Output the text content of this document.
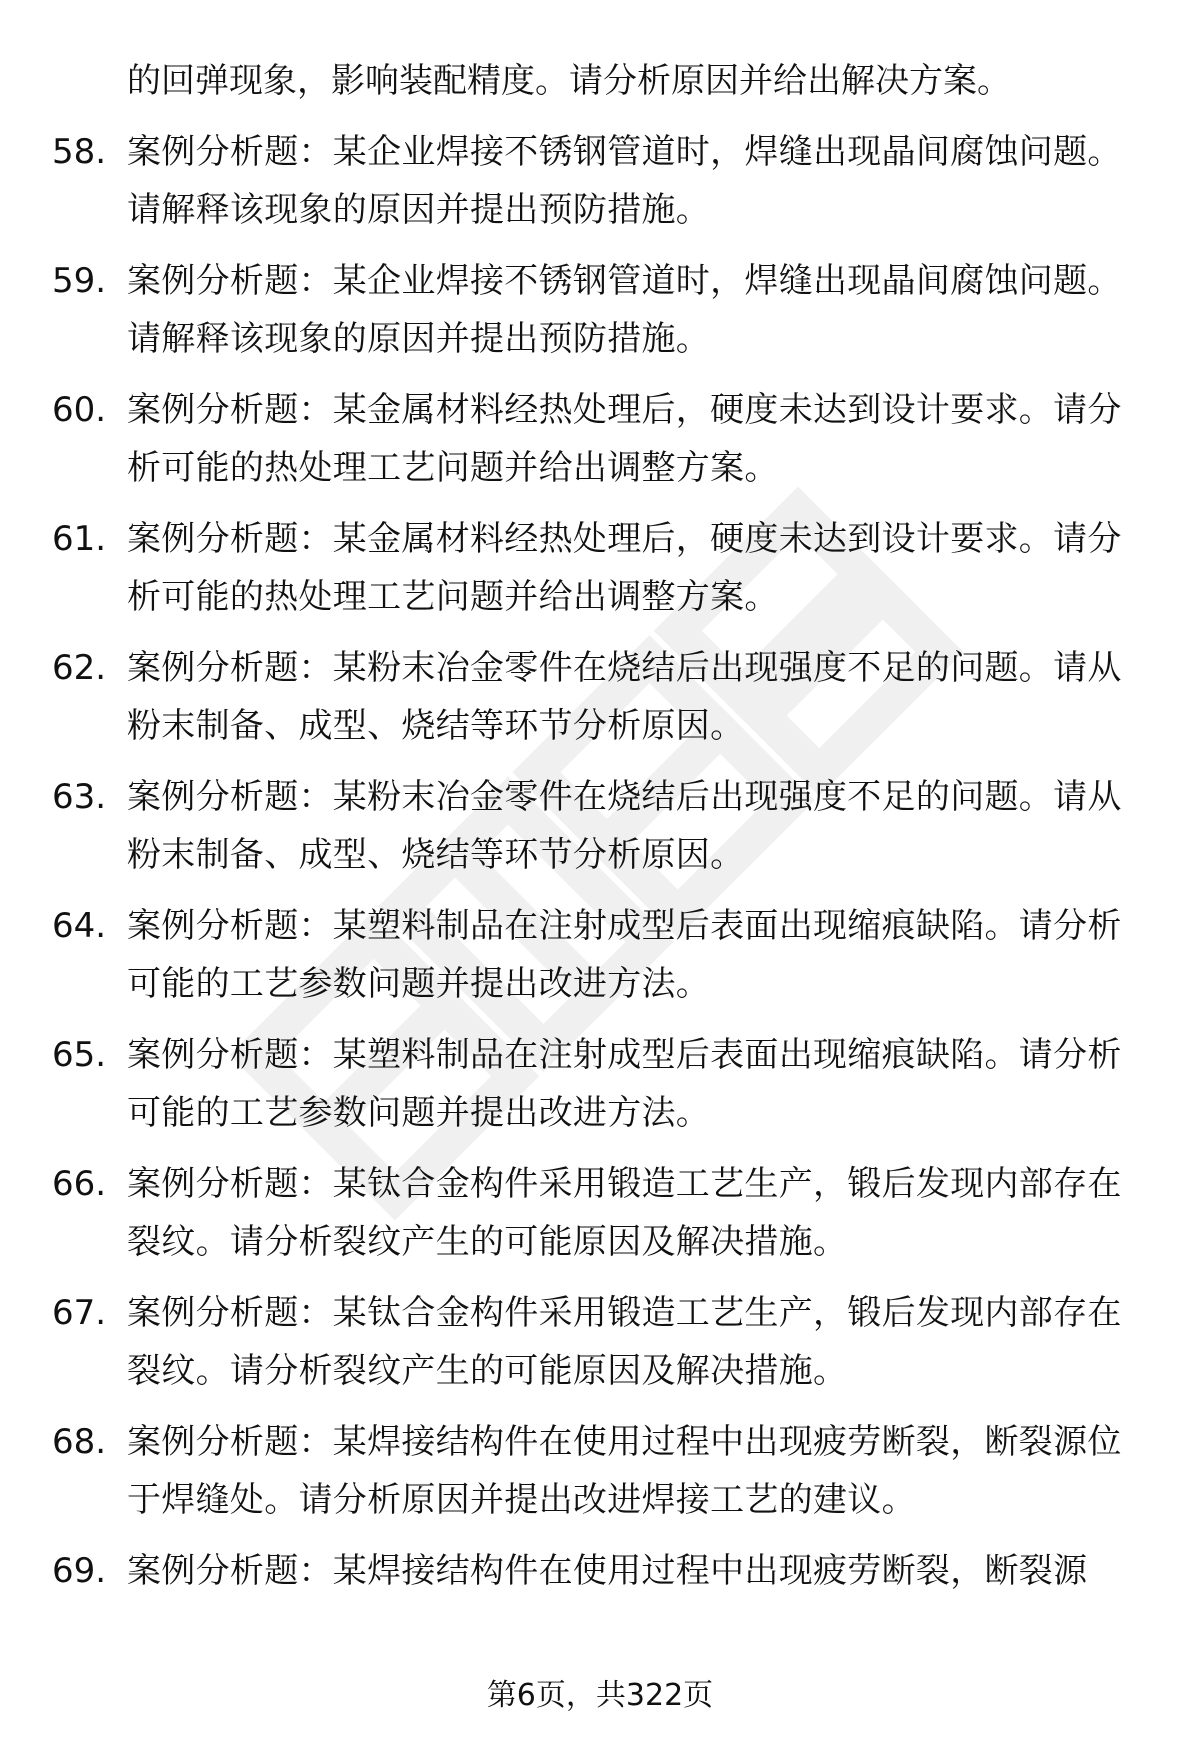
的回弹现象，影响装配精度。请分析原因并给出解决方案。
58. 案例分析题：某企业焊接不锈钢管道时，焊缝出现晶间腐蚀问题。请解释该现象的原因并提出预防措施。
59. 案例分析题：某企业焊接不锈钢管道时，焊缝出现晶间腐蚀问题。请解释该现象的原因并提出预防措施。
60. 案例分析题：某金属材料经热处理后，硬度未达到设计要求。请分析可能的热处理工艺问题并给出调整方案。
61. 案例分析题：某金属材料经热处理后，硬度未达到设计要求。请分析可能的热处理工艺问题并给出调整方案。
62. 案例分析题：某粉末冶金零件在烧结后出现强度不足的问题。请从粉末制备、成型、烧结等环节分析原因。
63. 案例分析题：某粉末冶金零件在烧结后出现强度不足的问题。请从粉末制备、成型、烧结等环节分析原因。
64. 案例分析题：某塑料制品在注射成型后表面出现缩痕缺陷。请分析可能的工艺参数问题并提出改进方法。
65. 案例分析题：某塑料制品在注射成型后表面出现缩痕缺陷。请分析可能的工艺参数问题并提出改进方法。
66. 案例分析题：某钛合金构件采用锻造工艺生产，锻后发现内部存在裂纹。请分析裂纹产生的可能原因及解决措施。
67. 案例分析题：某钛合金构件采用锻造工艺生产，锻后发现内部存在裂纹。请分析裂纹产生的可能原因及解决措施。
68. 案例分析题：某焊接结构件在使用过程中出现疲劳断裂，断裂源位于焊缝处。请分析原因并提出改进焊接工艺的建议。
69. 案例分析题：某焊接结构件在使用过程中出现疲劳断裂，断裂源
第6页，共322页
